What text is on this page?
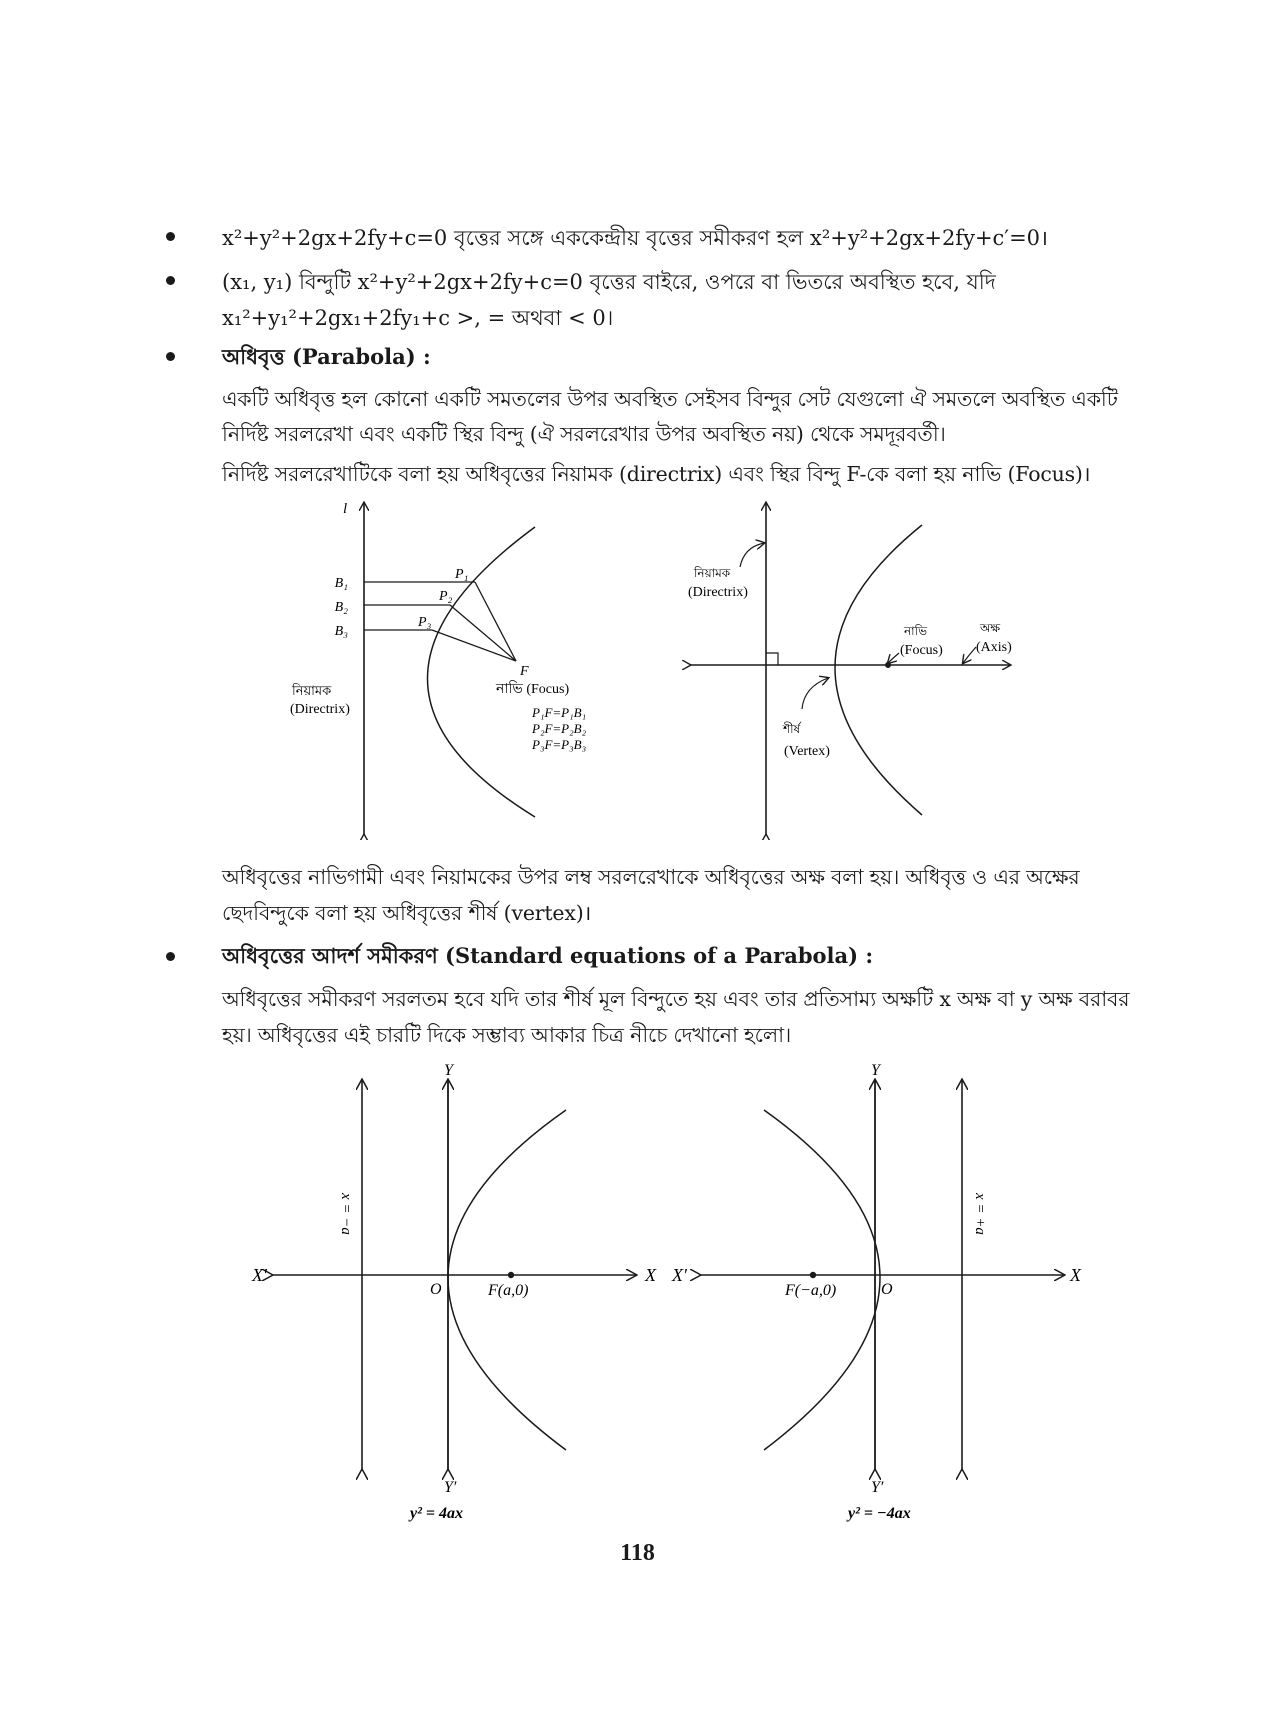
x²+y²+2gx+2fy+c=0 বৃত্তের সঙ্গে এককেন্দ্রীয় বৃত্তের সমীকরণ হল x²+y²+2gx+2fy+c′=0।
(x₁, y₁) বিন্দুটি x²+y²+2gx+2fy+c=0 বৃত্তের বাইরে, ওপরে বা ভিতরে অবস্থিত হবে, যদি
x₁²+y₁²+2gx₁+2fy₁+c >, = অথবা < 0।
অধিবৃত্ত (Parabola) :
একটি অধিবৃত্ত হল কোনো একটি সমতলের উপর অবস্থিত সেইসব বিন্দুর সেট যেগুলো ঐ সমতলে অবস্থিত একটি
নির্দিষ্ট সরলরেখা এবং একটি স্থির বিন্দু (ঐ সরলরেখার উপর অবস্থিত নয়) থেকে সমদূরবর্তী।
নির্দিষ্ট সরলরেখাটিকে বলা হয় অধিবৃত্তের নিয়ামক (directrix) এবং স্থির বিন্দু F-কে বলা হয় নাভি (Focus)।
l
B₁
B₂
B₃
P₁
P₂
P₃
F
নিয়ামক
(Directrix)
নাভি (Focus)
P₁F=P₁B₁
P₂F=P₂B₂
P₃F=P₃B₃
নিয়ামক
(Directrix)
নাভি
(Focus)
অক্ষ
(Axis)
শীর্ষ
(Vertex)
অধিবৃত্তের নাভিগামী এবং নিয়ামকের উপর লম্ব সরলরেখাকে অধিবৃত্তের অক্ষ বলা হয়। অধিবৃত্ত ও এর অক্ষের
ছেদবিন্দুকে বলা হয় অধিবৃত্তের শীর্ষ (vertex)।
অধিবৃত্তের আদর্শ সমীকরণ (Standard equations of a Parabola) :
অধিবৃত্তের সমীকরণ সরলতম হবে যদি তার শীর্ষ মূল বিন্দুতে হয় এবং তার প্রতিসাম্য অক্ষটি x অক্ষ বা y অক্ষ বরাবর
হয়। অধিবৃত্তের এই চারটি দিকে সম্ভাব্য আকার চিত্র নীচে দেখানো হলো।
Y
Y′
X
X′
O	F(a,0)
x = −a
y² = 4ax
Y
Y′
X
X′
O
F(−a,0)
x = +a
y² = −4ax
118
